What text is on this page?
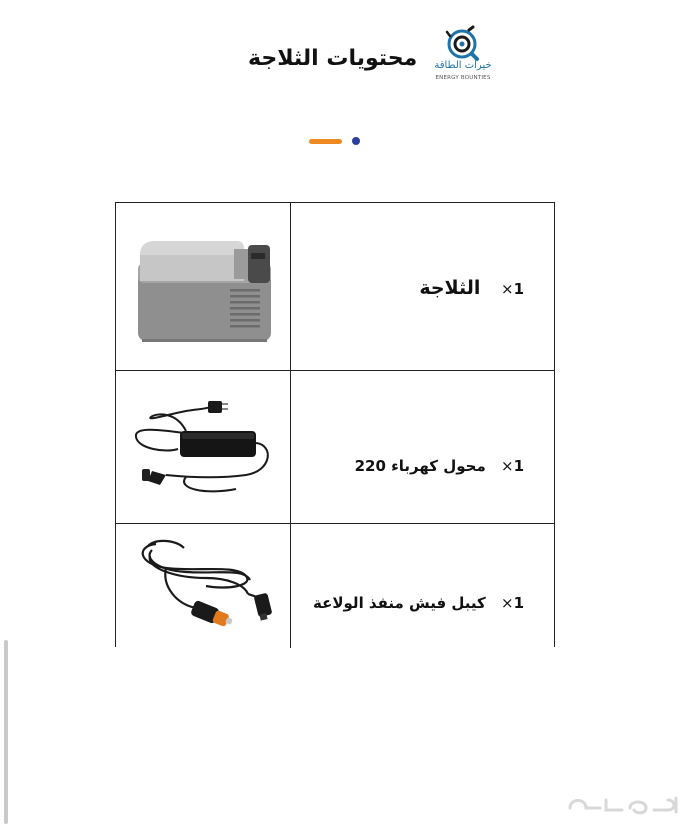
محتويات الثلاجة	خيرات الطاقة
ENERGY BOUNTIES
1× الثلاجة
1× محول كهرباء 220
1× كيبل فيش منفذ الولاعة
